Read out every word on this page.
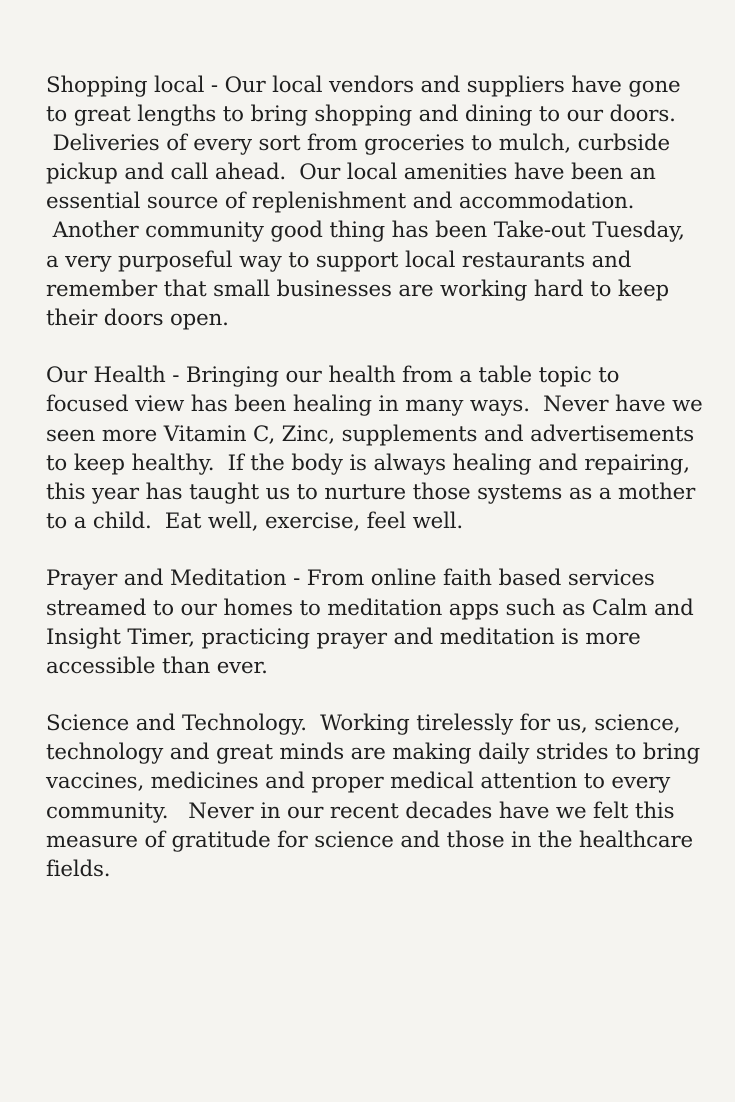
Shopping local - Our local vendors and suppliers have gone
to great lengths to bring shopping and dining to our doors.
Deliveries of every sort from groceries to mulch, curbside
pickup and call ahead.  Our local amenities have been an
essential source of replenishment and accommodation.
Another community good thing has been Take-out Tuesday,
a very purposeful way to support local restaurants and
remember that small businesses are working hard to keep
their doors open.

Our Health - Bringing our health from a table topic to
focused view has been healing in many ways.  Never have we
seen more Vitamin C, Zinc, supplements and advertisements
to keep healthy.  If the body is always healing and repairing,
this year has taught us to nurture those systems as a mother
to a child.  Eat well, exercise, feel well.

Prayer and Meditation - From online faith based services
streamed to our homes to meditation apps such as Calm and
Insight Timer, practicing prayer and meditation is more
accessible than ever.

Science and Technology.  Working tirelessly for us, science,
technology and great minds are making daily strides to bring
vaccines, medicines and proper medical attention to every
community.   Never in our recent decades have we felt this
measure of gratitude for science and those in the healthcare
fields.
